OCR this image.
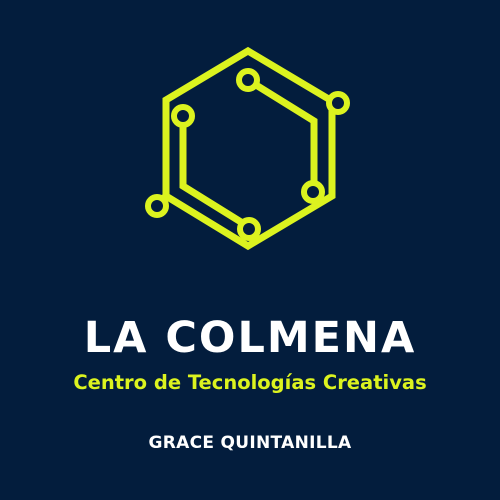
LA COLMENA
Centro de Tecnologías Creativas
GRACE QUINTANILLA
